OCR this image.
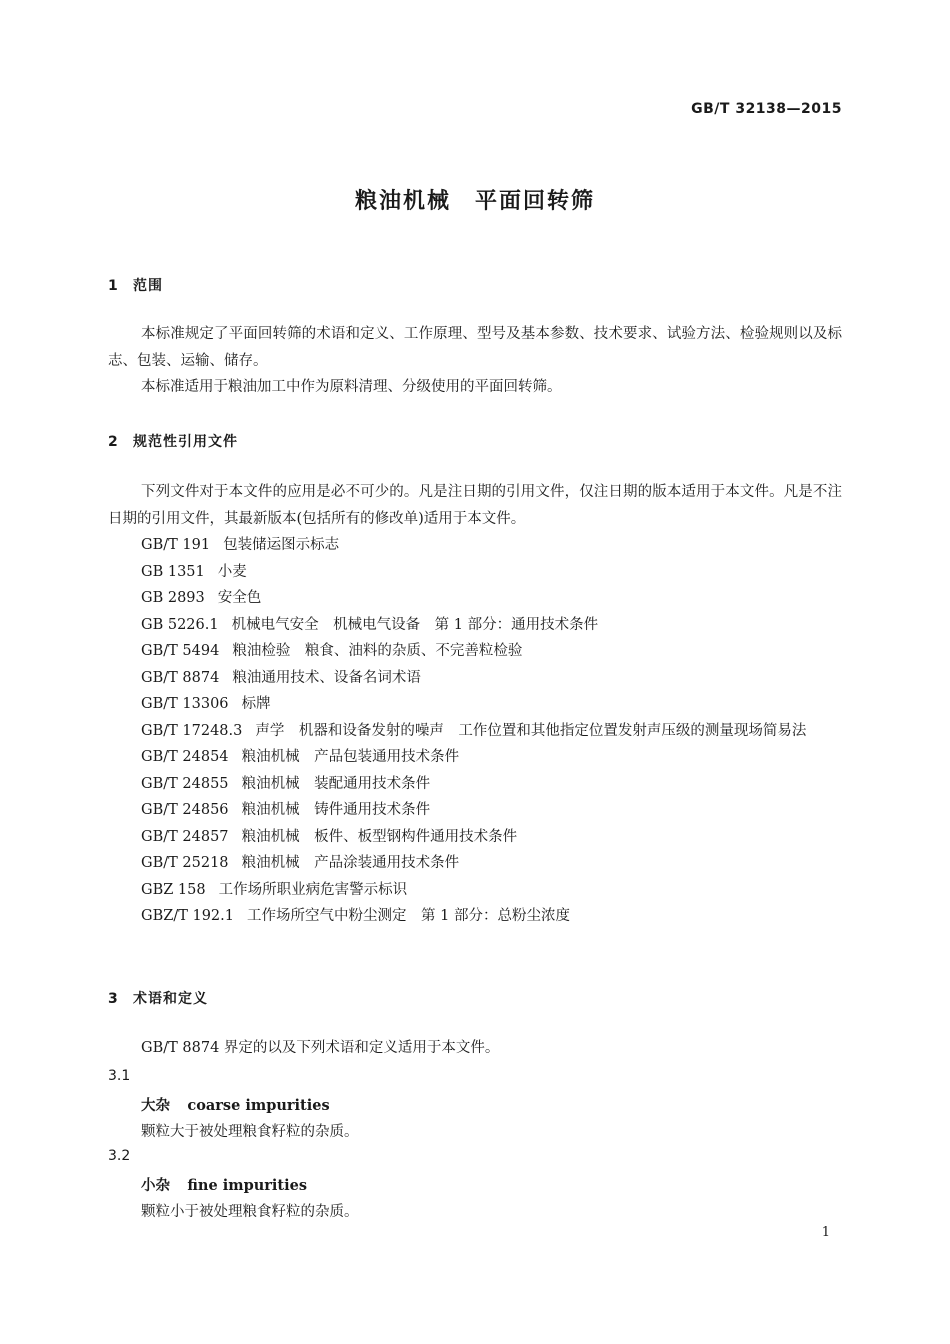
GB/T 32138—2015
粮油机械　平面回转筛
1 范围

本标准规定了平面回转筛的术语和定义、工作原理、型号及基本参数、技术要求、试验方法、检验规则以及标志、包装、运输、储存。

本标准适用于粮油加工中作为原料清理、分级使用的平面回转筛。

2 规范性引用文件

下列文件对于本文件的应用是必不可少的。凡是注日期的引用文件，仅注日期的版本适用于本文件。凡是不注日期的引用文件，其最新版本(包括所有的修改单)适用于本文件。

GB/T 191 包装储运图示标志
GB 1351 小麦
GB 2893 安全色
GB 5226.1 机械电气安全　机械电气设备　第 1 部分：通用技术条件
GB/T 5494 粮油检验　粮食、油料的杂质、不完善粒检验
GB/T 8874 粮油通用技术、设备名词术语
GB/T 13306 标牌
GB/T 17248.3 声学　机器和设备发射的噪声　工作位置和其他指定位置发射声压级的测量现场简易法
GB/T 24854 粮油机械　产品包装通用技术条件
GB/T 24855 粮油机械　装配通用技术条件
GB/T 24856 粮油机械　铸件通用技术条件
GB/T 24857 粮油机械　板件、板型钢构件通用技术条件
GB/T 25218 粮油机械　产品涂装通用技术条件
GBZ 158 工作场所职业病危害警示标识
GBZ/T 192.1 工作场所空气中粉尘测定　第 1 部分：总粉尘浓度
3 术语和定义

GB/T 8874 界定的以及下列术语和定义适用于本文件。

3.1
大杂 coarse impurities
颗粒大于被处理粮食籽粒的杂质。
3.2
小杂 fine impurities
颗粒小于被处理粮食籽粒的杂质。
1
